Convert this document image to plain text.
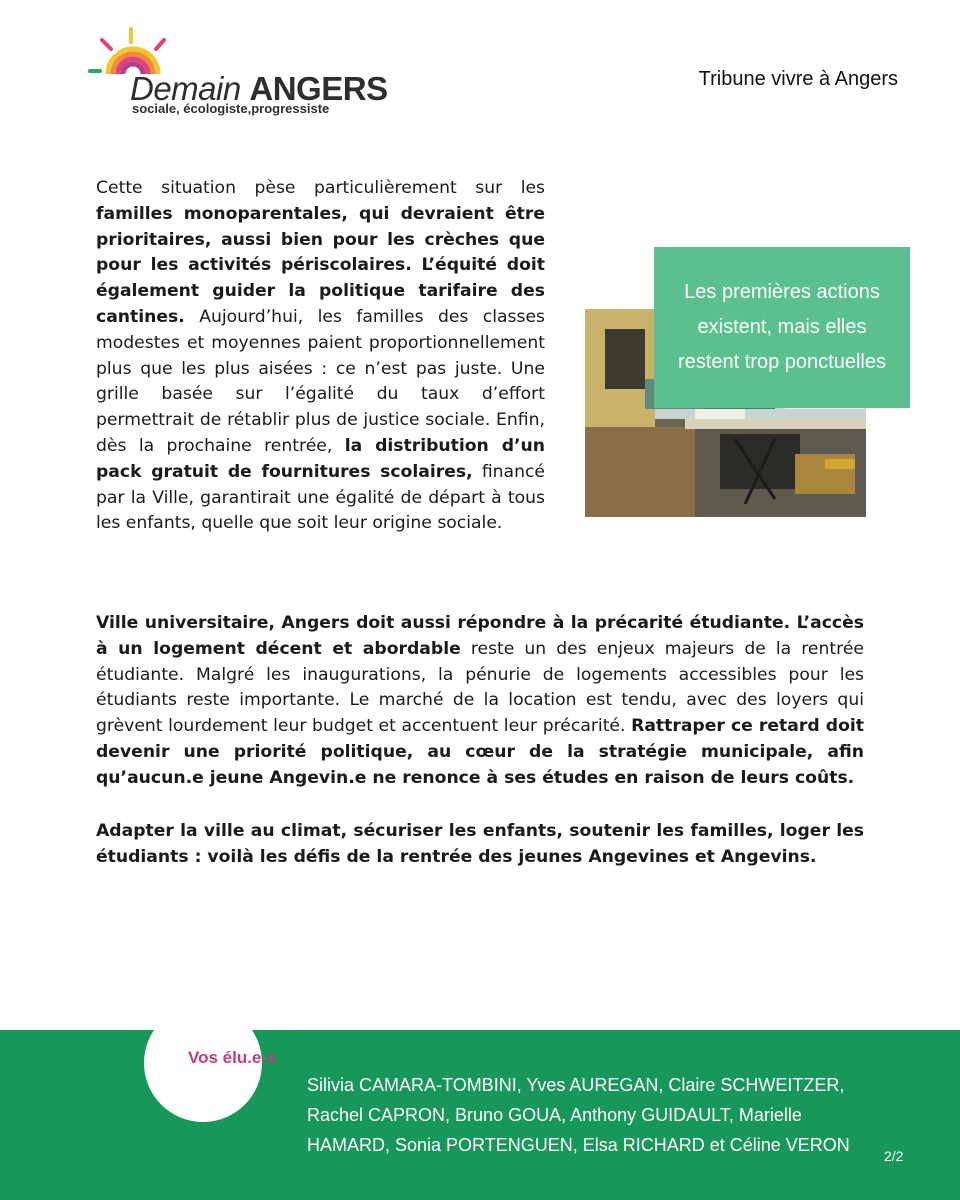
Demain ANGERS
sociale, écologiste,progressiste
Tribune vivre à Angers

Cette situation pèse particulièrement sur les familles monoparentales, qui devraient être prioritaires, aussi bien pour les crèches que pour les activités périscolaires. L’équité doit également guider la politique tarifaire des cantines. Aujourd’hui, les familles des classes modestes et moyennes paient proportionnellement plus que les plus aisées : ce n’est pas juste. Une grille basée sur l’égalité du taux d’effort permettrait de rétablir plus de justice sociale. Enfin, dès la prochaine rentrée, la distribution d’un pack gratuit de fournitures scolaires, financé par la Ville, garantirait une égalité de départ à tous les enfants, quelle que soit leur origine sociale.

Les premières actions existent, mais elles restent trop ponctuelles

Ville universitaire, Angers doit aussi répondre à la précarité étudiante. L’accès à un logement décent et abordable reste un des enjeux majeurs de la rentrée étudiante. Malgré les inaugurations, la pénurie de logements accessibles pour les étudiants reste importante. Le marché de la location est tendu, avec des loyers qui grèvent lourdement leur budget et accentuent leur précarité. Rattraper ce retard doit devenir une priorité politique, au cœur de la stratégie municipale, afin qu’aucun.e jeune Angevin.e ne renonce à ses études en raison de leurs coûts.

Adapter la ville au climat, sécuriser les enfants, soutenir les familles, loger les étudiants : voilà les défis de la rentrée des jeunes Angevines et Angevins.

Vos élu.e.s
Silivia CAMARA-TOMBINI, Yves AUREGAN, Claire SCHWEITZER,
Rachel CAPRON, Bruno GOUA, Anthony GUIDAULT, Marielle
HAMARD, Sonia PORTENGUEN, Elsa RICHARD et Céline VERON
2/2
